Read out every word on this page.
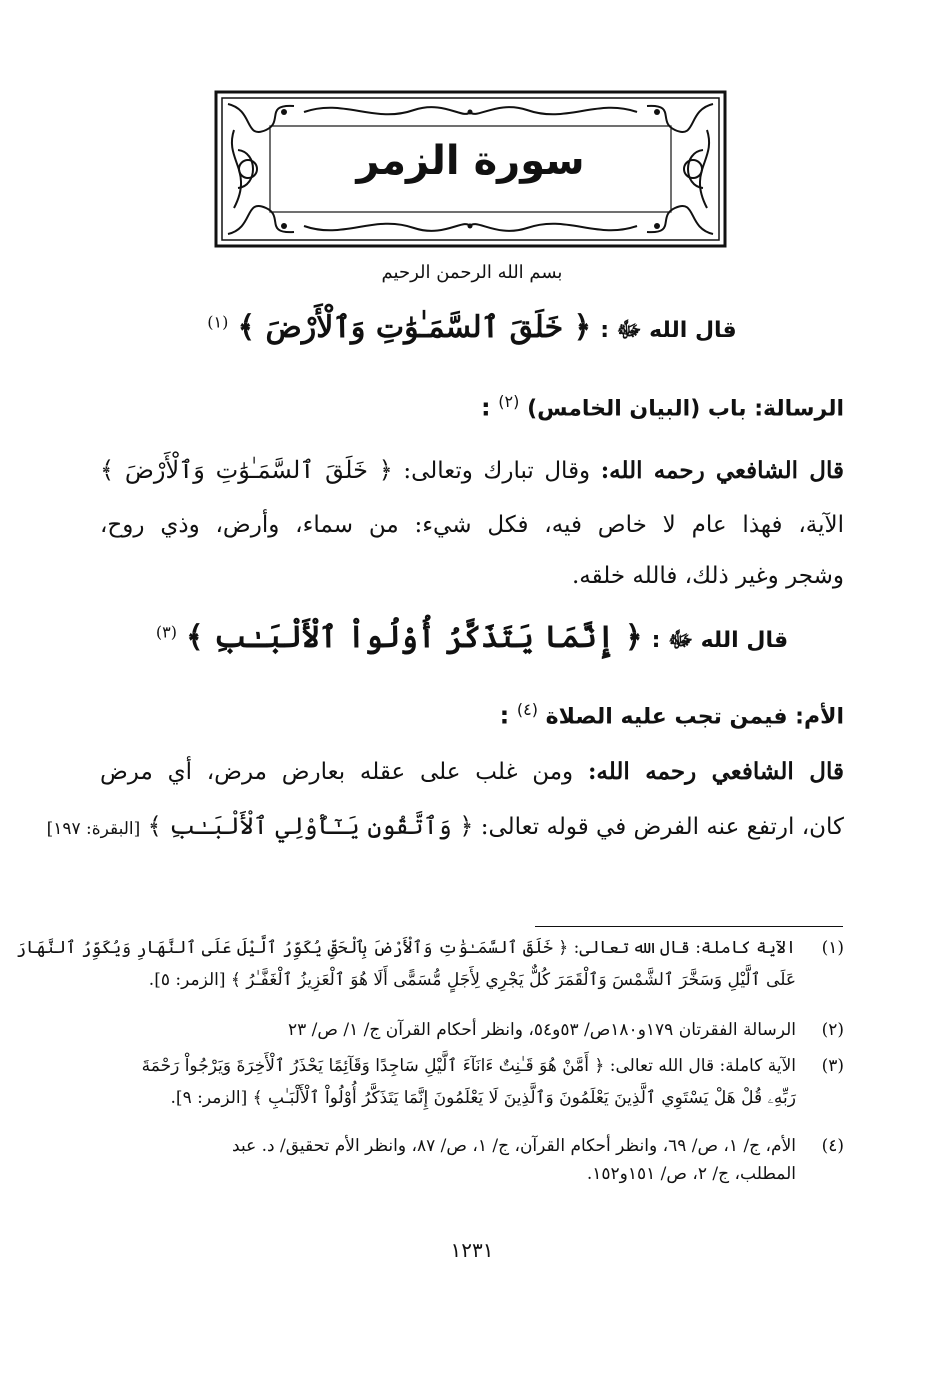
سورة الزمر
بسم الله الرحمن الرحيم
قال الله ﷻ : ﴿ خَلَقَ ٱلسَّمَـٰوَٰتِ وَٱلْأَرْضَ ﴾ $^{(١)}$
الرسالة: باب (البيان الخامس) $^{(٢)}$ :
قال الشافعي رحمه الله: وقال تبارك وتعالى: ﴿ خَلَقَ ٱلسَّمَـٰوَٰتِ وَٱلْأَرْضَ ﴾
الآية، فهذا عام لا خاص فيه، فكل شيء: من سماء، وأرض، وذي روح،
وشجر وغير ذلك، فالله خلقه.
قال الله ﷻ : ﴿ إِنَّمَا يَتَذَكَّرُ أُوْلُواْ ٱلْأَلْبَـٰبِ ﴾ $^{(٣)}$
الأم: فيمن تجب عليه الصلاة $^{(٤)}$ :
قال الشافعي رحمه الله: ومن غلب على عقله بعارض مرض، أي مرض
كان، ارتفع عنه الفرض في قوله تعالى: ﴿ وَٱتَّقُونِ يَـٰٓأُوْلِي ٱلْأَلْبَـٰبِ ﴾ [البقرة: ١٩٧]
(١)
الآية كاملة: قال الله تعالى: ﴿ خَلَقَ ٱلسَّمَـٰوَٰتِ وَٱلْأَرْضَ بِٱلْحَقِّ يُكَوِّرُ ٱلَّيْلَ عَلَى ٱلنَّهَارِ وَيُكَوِّرُ ٱلنَّهَارَ
عَلَى ٱلَّيْلِ وَسَخَّرَ ٱلشَّمْسَ وَٱلْقَمَرَ كُلٌّ يَجْرِي لِأَجَلٍ مُّسَمًّى أَلَا هُوَ ٱلْعَزِيزُ ٱلْغَفَّـٰرُ ﴾ [الزمر: ٥].
(٢)
الرسالة الفقرتان ١٧٩و١٨٠ص/ ٥٣و٥٤، وانظر أحكام القرآن ج/ ١/ ص/ ٢٣
(٣)
الآية كاملة: قال الله تعالى: ﴿ أَمَّنْ هُوَ قَـٰنِتٌ ءَانَآءَ ٱلَّيْلِ سَاجِدًا وَقَآئِمًا يَحْذَرُ ٱلْأَخِرَةَ وَيَرْجُواْ رَحْمَةَ
رَبِّهِۦ قُلْ هَلْ يَسْتَوِي ٱلَّذِينَ يَعْلَمُونَ وَٱلَّذِينَ لَا يَعْلَمُونَ إِنَّمَا يَتَذَكَّرُ أُوْلُواْ ٱلْأَلْبَـٰبِ ﴾ [الزمر: ٩].
(٤)
الأم، ج/ ١، ص/ ٦٩، وانظر أحكام القرآن، ج/ ١، ص/ ٨٧، وانظر الأم تحقيق/ د. عبد
المطلب، ج/ ٢، ص/ ١٥١و١٥٢.
١٢٣١
